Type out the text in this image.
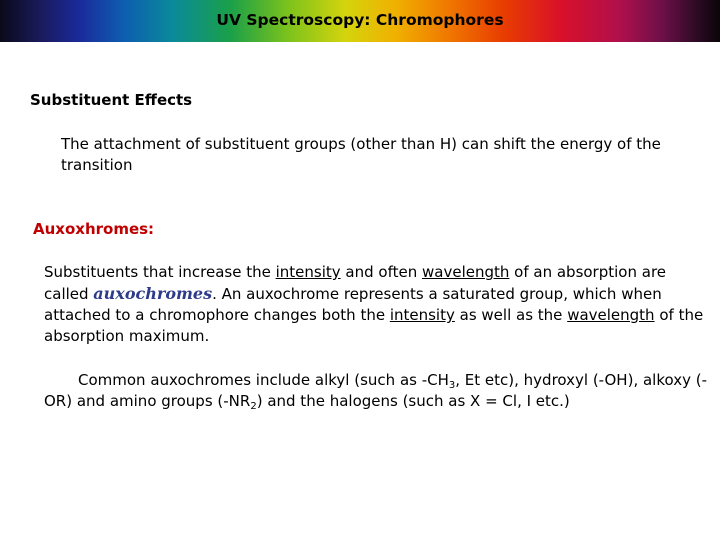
UV Spectroscopy: Chromophores
Substituent Effects
The attachment of substituent groups (other than H) can shift the energy of the transition
Auxoxhromes:
Substituents that increase the intensity and often wavelength of an absorption are called auxochromes. An auxochrome represents a saturated group, which when attached to a chromophore changes both the intensity as well as the wavelength of the absorption maximum.
Common auxochromes include alkyl (such as $-CH_3$, Et etc), hydroxyl (-OH), alkoxy (-OR) and amino groups $(-NR_2)$ and the halogens (such as X = Cl, I etc.)
